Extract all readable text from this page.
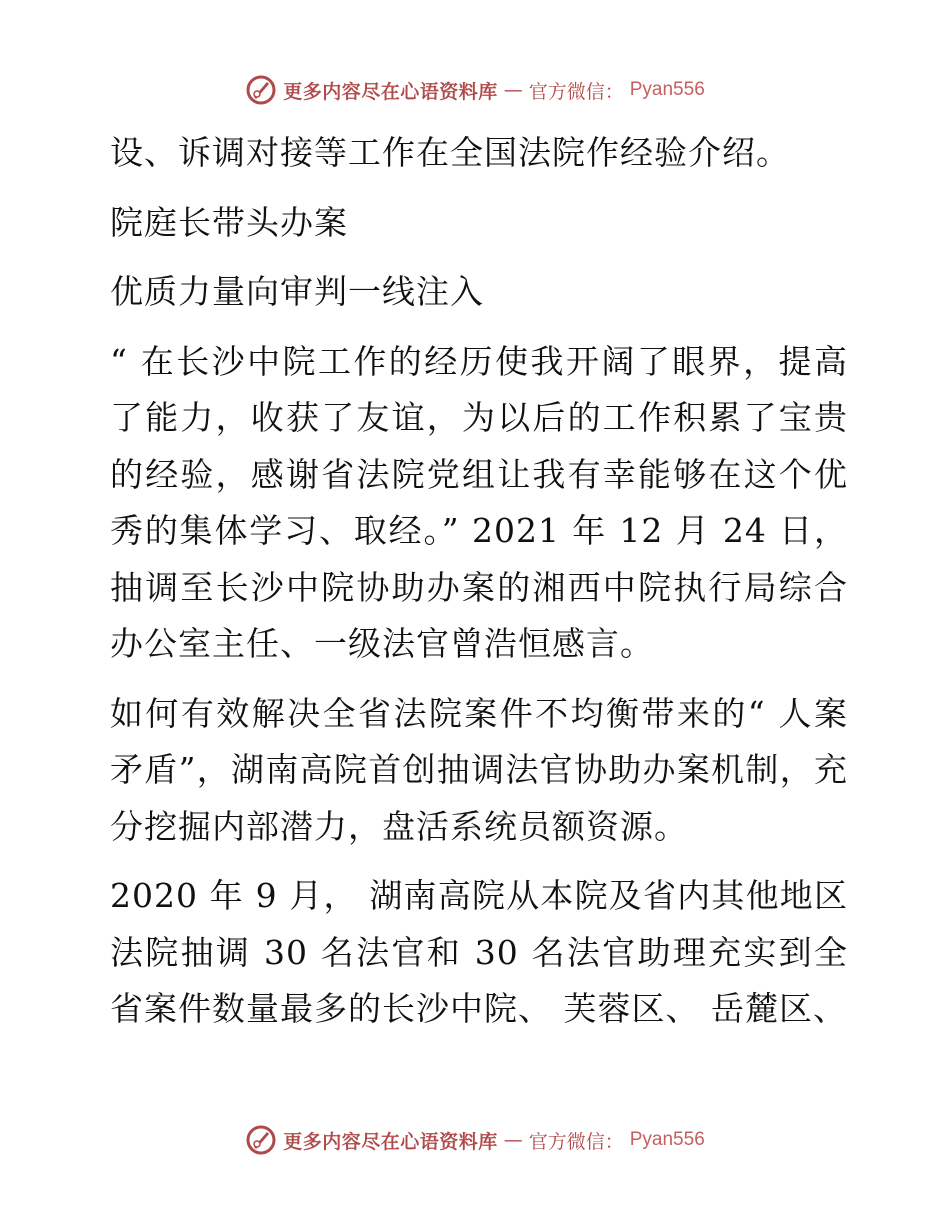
更多内容尽在心语资料库 — 官方微信： Pyan556

设、诉调对接等工作在全国法院作经验介绍。

院庭长带头办案

优质力量向审判一线注入

“ 在长沙中院工作的经历使我开阔了眼界，提高了能力，收获了友谊，为以后的工作积累了宝贵的经验，感谢省法院党组让我有幸能够在这个优秀的集体学习、取经。” 2021 年 12 月 24 日，抽调至长沙中院协助办案的湘西中院执行局综合办公室主任、一级法官曾浩恒感言。

如何有效解决全省法院案件不均衡带来的“ 人案矛盾”，湖南高院首创抽调法官协助办案机制，充分挖掘内部潜力，盘活系统员额资源。

2020 年 9 月， 湖南高院从本院及省内其他地区法院抽调 30 名法官和 30 名法官助理充实到全省案件数量最多的长沙中院、 芙蓉区、 岳麓区、

更多内容尽在心语资料库 — 官方微信： Pyan556
